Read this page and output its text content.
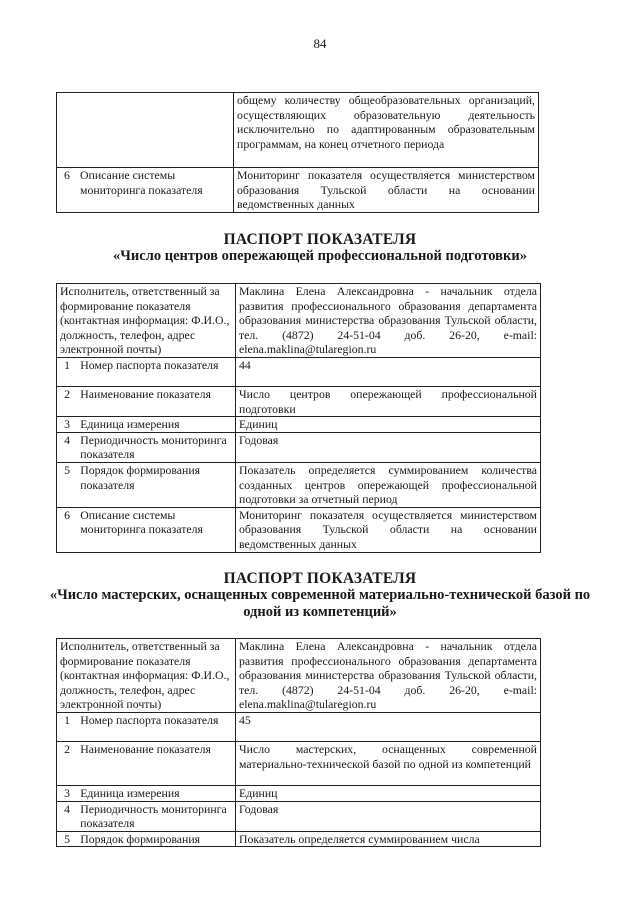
84
		общему количеству общеобразовательных организаций, осуществляющих образовательную деятельность исключительно по адаптированным образовательным программам, на конец отчетного периода
6	Описание системы мониторинга показателя	Мониторинг показателя осуществляется министерством образования Тульской области на основании ведомственных данных
ПАСПОРТ ПОКАЗАТЕЛЯ
«Число центров опережающей профессиональной подготовки»
Исполнитель, ответственный за формирование показателя (контактная информация: Ф.И.О., должность, телефон, адрес электронной почты)		Маклина Елена Александровна - начальник отдела развития профессионального образования департамента образования министерства образования Тульской области, тел. (4872) 24-51-04 доб. 26-20, e-mail: elena.maklina@tularegion.ru
1	Номер паспорта показателя	44
2	Наименование показателя	Число центров опережающей профессиональной подготовки
3	Единица измерения	Единиц
4	Периодичность мониторинга показателя	Годовая
5	Порядок формирования показателя	Показатель определяется суммированием количества созданных центров опережающей профессиональной подготовки за отчетный период
6	Описание системы мониторинга показателя	Мониторинг показателя осуществляется министерством образования Тульской области на основании ведомственных данных
ПАСПОРТ ПОКАЗАТЕЛЯ
«Число мастерских, оснащенных современной материально-технической базой по одной из компетенций»
Исполнитель, ответственный за формирование показателя (контактная информация: Ф.И.О., должность, телефон, адрес электронной почты)		Маклина Елена Александровна - начальник отдела развития профессионального образования департамента образования министерства образования Тульской области, тел. (4872) 24-51-04 доб. 26-20, e-mail: elena.maklina@tularegion.ru
1	Номер паспорта показателя	45
2	Наименование показателя	Число мастерских, оснащенных современной материально-технической базой по одной из компетенций
3	Единица измерения	Единиц
4	Периодичность мониторинга показателя	Годовая
5	Порядок формирования	Показатель определяется суммированием числа
